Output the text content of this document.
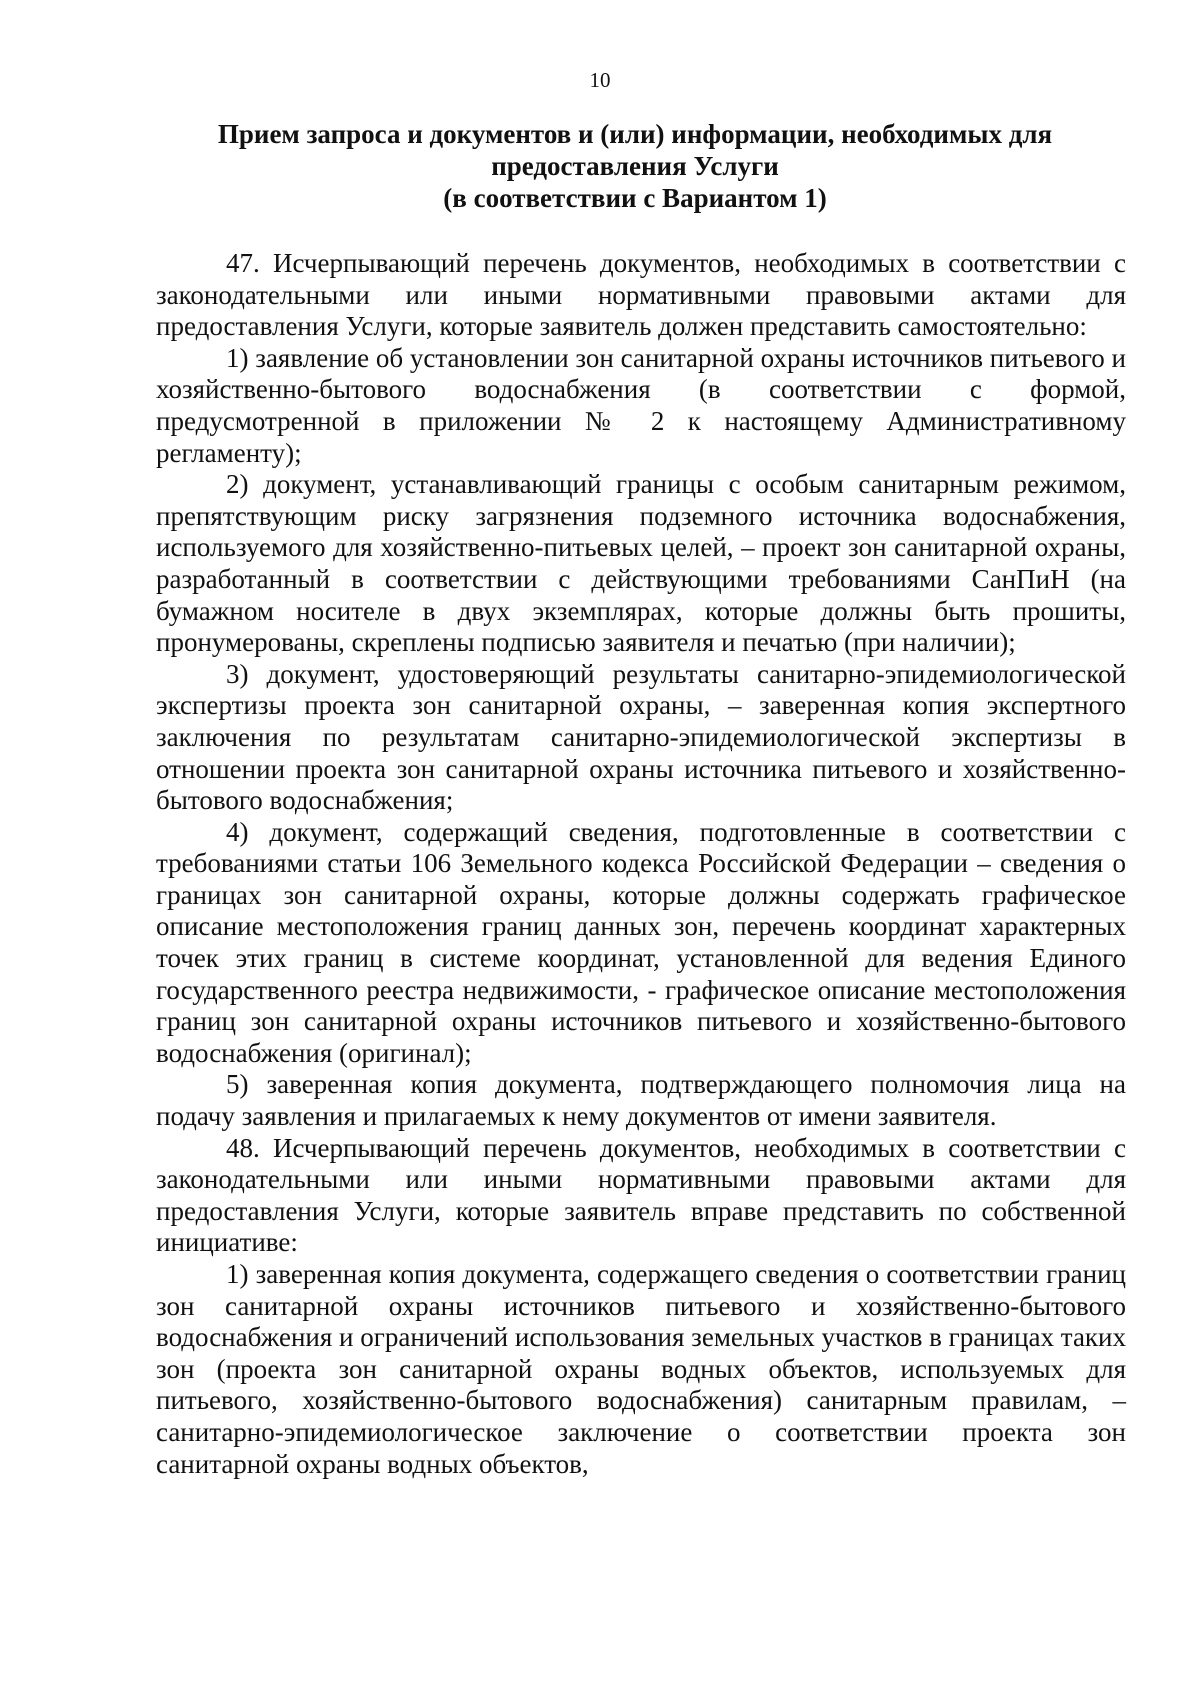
10
Прием запроса и документов и (или) информации, необходимых для
предоставления Услуги
(в соответствии с Вариантом 1)

47. Исчерпывающий перечень документов, необходимых в соответствии с законодательными или иными нормативными правовыми актами для предоставления Услуги, которые заявитель должен представить самостоятельно:

1) заявление об установлении зон санитарной охраны источников питьевого и хозяйственно-бытового водоснабжения (в соответствии с формой, предусмотренной в приложении № 2 к настоящему Административному регламенту);

2) документ, устанавливающий границы с особым санитарным режимом, препятствующим риску загрязнения подземного источника водоснабжения, используемого для хозяйственно-питьевых целей, – проект зон санитарной охраны, разработанный в соответствии с действующими требованиями СанПиН (на бумажном носителе в двух экземплярах, которые должны быть прошиты, пронумерованы, скреплены подписью заявителя и печатью (при наличии);

3) документ, удостоверяющий результаты санитарно-эпидемиологической экспертизы проекта зон санитарной охраны, – заверенная копия экспертного заключения по результатам санитарно-эпидемиологической экспертизы в отношении проекта зон санитарной охраны источника питьевого и хозяйственно-бытового водоснабжения;

4) документ, содержащий сведения, подготовленные в соответствии с требованиями статьи 106 Земельного кодекса Российской Федерации – сведения о границах зон санитарной охраны, которые должны содержать графическое описание местоположения границ данных зон, перечень координат характерных точек этих границ в системе координат, установленной для ведения Единого государственного реестра недвижимости, - графическое описание местоположения границ зон санитарной охраны источников питьевого и хозяйственно-бытового водоснабжения (оригинал);

5) заверенная копия документа, подтверждающего полномочия лица на подачу заявления и прилагаемых к нему документов от имени заявителя.

48. Исчерпывающий перечень документов, необходимых в соответствии с законодательными или иными нормативными правовыми актами для предоставления Услуги, которые заявитель вправе представить по собственной инициативе:

1) заверенная копия документа, содержащего сведения о соответствии границ зон санитарной охраны источников питьевого и хозяйственно-бытового водоснабжения и ограничений использования земельных участков в границах таких зон (проекта зон санитарной охраны водных объектов, используемых для питьевого, хозяйственно-бытового водоснабжения) санитарным правилам, – санитарно-эпидемиологическое заключение о соответствии проекта зон санитарной охраны водных объектов,
